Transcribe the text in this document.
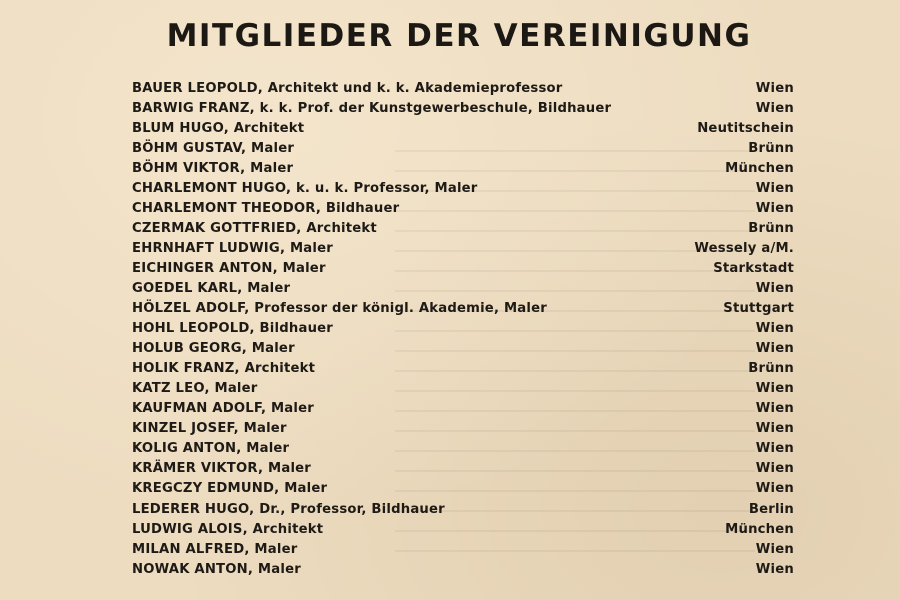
MITGLIEDER DER VEREINIGUNG
BAUER LEOPOLD, Architekt und k. k. Akademieprofessor	Wien
BARWIG FRANZ, k. k. Prof. der Kunstgewerbeschule, Bildhauer	Wien
BLUM HUGO, Architekt	Neutitschein
BÖHM GUSTAV, Maler	Brünn
BÖHM VIKTOR, Maler	München
CHARLEMONT HUGO, k. u. k. Professor, Maler	Wien
CHARLEMONT THEODOR, Bildhauer	Wien
CZERMAK GOTTFRIED, Architekt	Brünn
EHRNHAFT LUDWIG, Maler	Wessely a/M.
EICHINGER ANTON, Maler	Starkstadt
GOEDEL KARL, Maler	Wien
HÖLZEL ADOLF, Professor der königl. Akademie, Maler	Stuttgart
HOHL LEOPOLD, Bildhauer	Wien
HOLUB GEORG, Maler	Wien
HOLIK FRANZ, Architekt	Brünn
KATZ LEO, Maler	Wien
KAUFMAN ADOLF, Maler	Wien
KINZEL JOSEF, Maler	Wien
KOLIG ANTON, Maler	Wien
KRÄMER VIKTOR, Maler	Wien
KREGCZY EDMUND, Maler	Wien
LEDERER HUGO, Dr., Professor, Bildhauer	Berlin
LUDWIG ALOIS, Architekt	München
MILAN ALFRED, Maler	Wien
NOWAK ANTON, Maler	Wien
